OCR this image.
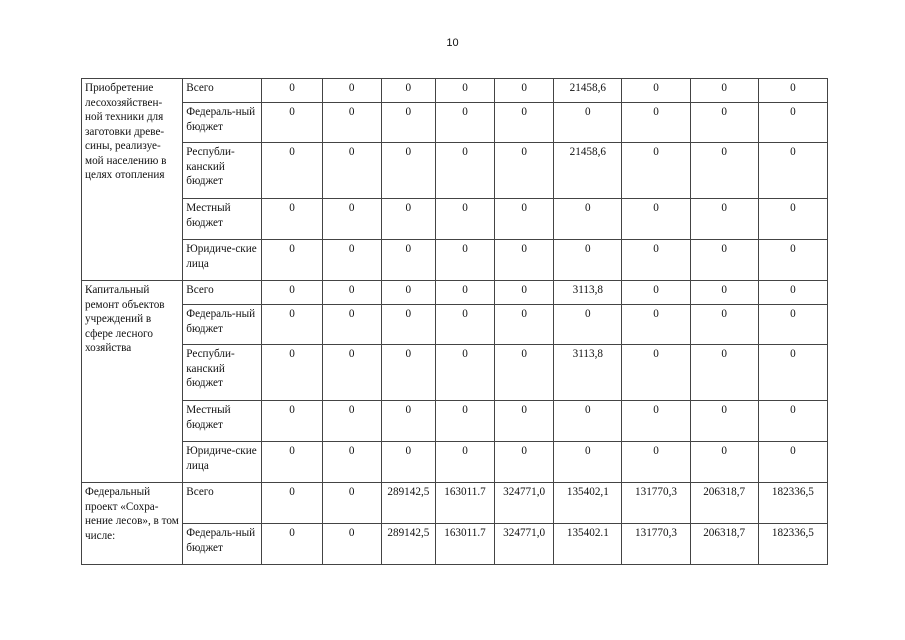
10
Приобретение лесохозяйствен-ной техники для заготовки древе-сины, реализуе-мой населению в целях отопления	Всего	0	0	0	0	0	21458,6	0	0	0
	Федераль-ный бюджет	0	0	0	0	0	0	0	0	0
	Республи-канский бюджет	0	0	0	0	0	21458,6	0	0	0
	Местный бюджет	0	0	0	0	0	0	0	0	0
	Юридиче-ские лица	0	0	0	0	0	0	0	0	0
Капитальный ремонт объектов учреждений в сфере лесного хозяйства	Всего	0	0	0	0	0	3113,8	0	0	0
	Федераль-ный бюджет	0	0	0	0	0	0	0	0	0
	Республи-канский бюджет	0	0	0	0	0	3113,8	0	0	0
	Местный бюджет	0	0	0	0	0	0	0	0	0
	Юридиче-ские лица	0	0	0	0	0	0	0	0	0
Федеральный проект «Сохра-нение лесов», в том числе:	Всего	0	0	289142,5	163011.7	324771,0	135402,1	131770,3	206318,7	182336,5
	Федераль-ный бюджет	0	0	289142,5	163011.7	324771,0	135402.1	131770,3	206318,7	182336,5
